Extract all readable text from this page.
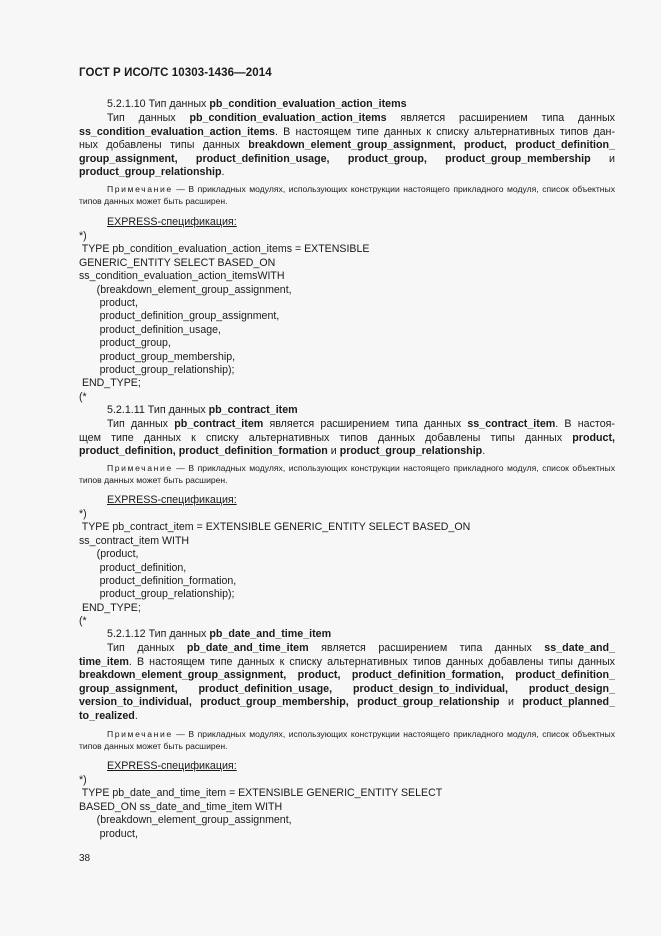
ГОСТ Р ИСО/ТС 10303-1436—2014
5.2.1.10 Тип данных pb_condition_evaluation_action_items
Тип данных pb_condition_evaluation_action_items является расширением типа данных
ss_condition_evaluation_action_items. В настоящем типе данных к списку альтернативных типов дан-
ных добавлены типы данных breakdown_element_group_assignment, product, product_definition_
group_assignment, product_definition_usage, product_group, product_group_membership и
product_group_relationship.
Примечание — В прикладных модулях, использующих конструкции настоящего прикладного модуля, список объектных типов данных может быть расширен.
EXPRESS-спецификация:
*)
TYPE pb_condition_evaluation_action_items = EXTENSIBLE
GENERIC_ENTITY SELECT BASED_ON
ss_condition_evaluation_action_itemsWITH
(breakdown_element_group_assignment,
product,
product_definition_group_assignment,
product_definition_usage,
product_group,
product_group_membership,
product_group_relationship);
END_TYPE;
(*
5.2.1.11 Тип данных pb_contract_item
Тип данных pb_contract_item является расширением типа данных ss_contract_item. В настоя-
щем типе данных к списку альтернативных типов данных добавлены типы данных product,
product_definition, product_definition_formation и product_group_relationship.
Примечание — В прикладных модулях, использующих конструкции настоящего прикладного модуля, список объектных типов данных может быть расширен.
EXPRESS-спецификация:
*)
TYPE pb_contract_item = EXTENSIBLE GENERIC_ENTITY SELECT BASED_ON
ss_contract_item WITH
(product,
product_definition,
product_definition_formation,
product_group_relationship);
END_TYPE;
(*
5.2.1.12 Тип данных pb_date_and_time_item
Тип данных pb_date_and_time_item является расширением типа данных ss_date_and_
time_item. В настоящем типе данных к списку альтернативных типов данных добавлены типы данных
breakdown_element_group_assignment, product, product_definition_formation, product_definition_
group_assignment, product_definition_usage, product_design_to_individual, product_design_
version_to_individual, product_group_membership, product_group_relationship и product_planned_
to_realized.
Примечание — В прикладных модулях, использующих конструкции настоящего прикладного модуля, список объектных типов данных может быть расширен.
EXPRESS-спецификация:
*)
TYPE pb_date_and_time_item = EXTENSIBLE GENERIC_ENTITY SELECT
BASED_ON ss_date_and_time_item WITH
(breakdown_element_group_assignment,
product,
38
